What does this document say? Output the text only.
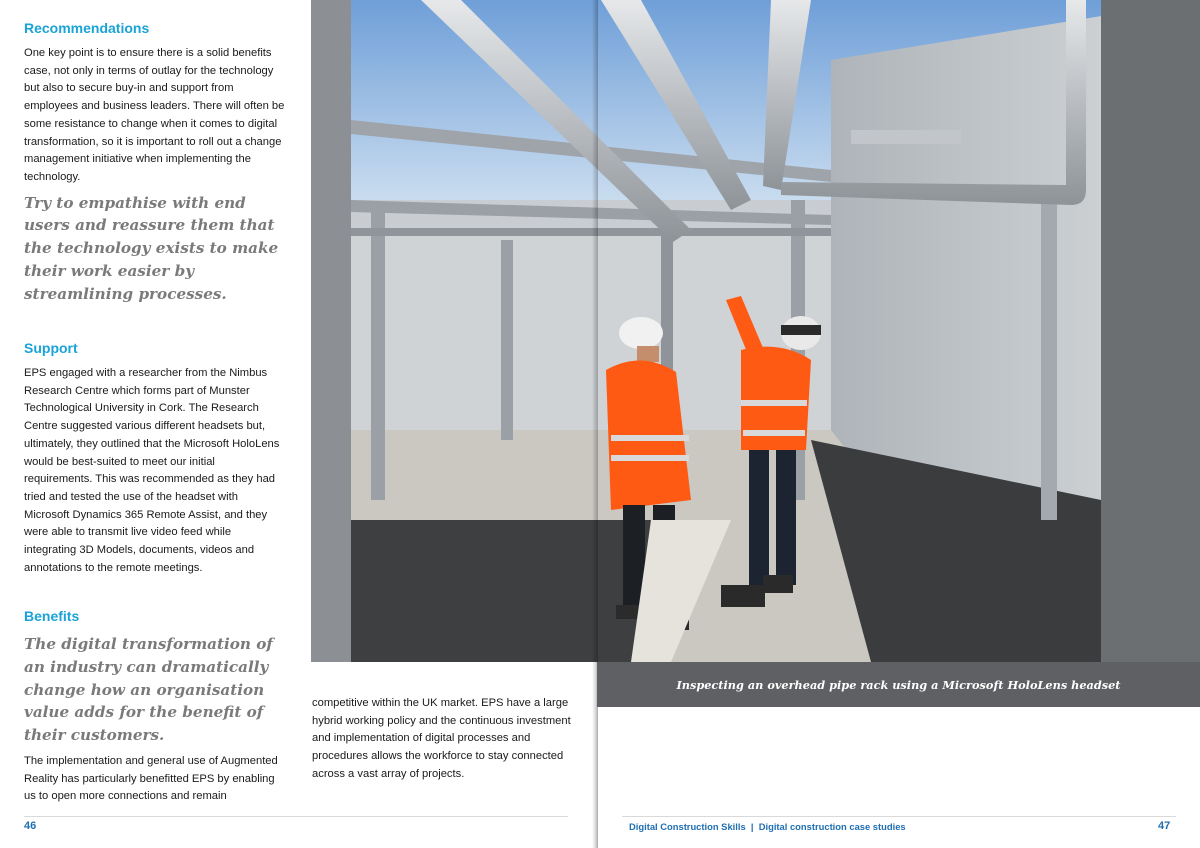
Recommendations

One key point is to ensure there is a solid benefits case, not only in terms of outlay for the technology but also to secure buy-in and support from employees and business leaders. There will often be some resistance to change when it comes to digital transformation, so it is important to roll out a change management initiative when implementing the technology.

Try to empathise with end users and reassure them that the technology exists to make their work easier by streamlining processes.

Support

EPS engaged with a researcher from the Nimbus Research Centre which forms part of Munster Technological University in Cork. The Research Centre suggested various different headsets but, ultimately, they outlined that the Microsoft HoloLens would be best-suited to meet our initial requirements. This was recommended as they had tried and tested the use of the headset with Microsoft Dynamics 365 Remote Assist, and they were able to transmit live video feed while integrating 3D Models, documents, videos and annotations to the remote meetings.

Benefits

The digital transformation of an industry can dramatically change how an organisation value adds for the benefit of their customers.

The implementation and general use of Augmented Reality has particularly benefitted EPS by enabling us to open more connections and remain

competitive within the UK market. EPS have a large hybrid working policy and the continuous investment and implementation of digital processes and procedures allows the workforce to stay connected across a vast array of projects.

Inspecting an overhead pipe rack using a Microsoft HoloLens headset
46	Digital Construction Skills  |  Digital construction case studies	47
